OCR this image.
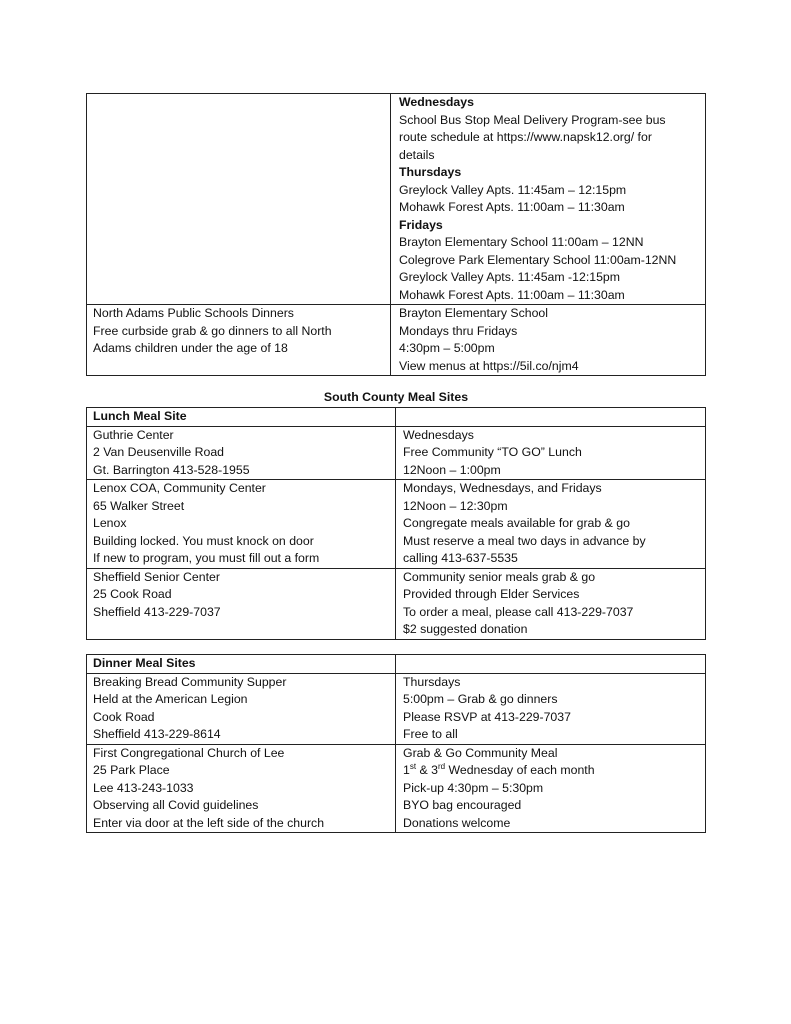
Wednesdays
School Bus Stop Meal Delivery Program-see bus
route schedule at https://www.napsk12.org/ for
details
Thursdays
Greylock Valley Apts. 11:45am – 12:15pm
Mohawk Forest Apts. 11:00am – 11:30am
Fridays
Brayton Elementary School 11:00am – 12NN
Colegrove Park Elementary School 11:00am-12NN
Greylock Valley Apts. 11:45am -12:15pm
Mohawk Forest Apts. 11:00am – 11:30am
North Adams Public Schools Dinners
Free curbside grab & go dinners to all North
Adams children under the age of 18
Brayton Elementary School
Mondays thru Fridays
4:30pm – 5:00pm
View menus at https://5il.co/njm4
South County Meal Sites
Lunch Meal Site
Guthrie Center
2 Van Deusenville Road
Gt. Barrington 413-528-1955
Wednesdays
Free Community “TO GO” Lunch
12Noon – 1:00pm
Lenox COA, Community Center
65 Walker Street
Lenox
Building locked. You must knock on door
If new to program, you must fill out a form
Mondays, Wednesdays, and Fridays
12Noon – 12:30pm
Congregate meals available for grab & go
Must reserve a meal two days in advance by
calling 413-637-5535
Sheffield Senior Center
25 Cook Road
Sheffield 413-229-7037
Community senior meals grab & go
Provided through Elder Services
To order a meal, please call 413-229-7037
$2 suggested donation
Dinner Meal Sites
Breaking Bread Community Supper
Held at the American Legion
Cook Road
Sheffield 413-229-8614
Thursdays
5:00pm – Grab & go dinners
Please RSVP at 413-229-7037
Free to all
First Congregational Church of Lee
25 Park Place
Lee 413-243-1033
Observing all Covid guidelines
Enter via door at the left side of the church
Grab & Go Community Meal
1st & 3rd Wednesday of each month
Pick-up 4:30pm – 5:30pm
BYO bag encouraged
Donations welcome
